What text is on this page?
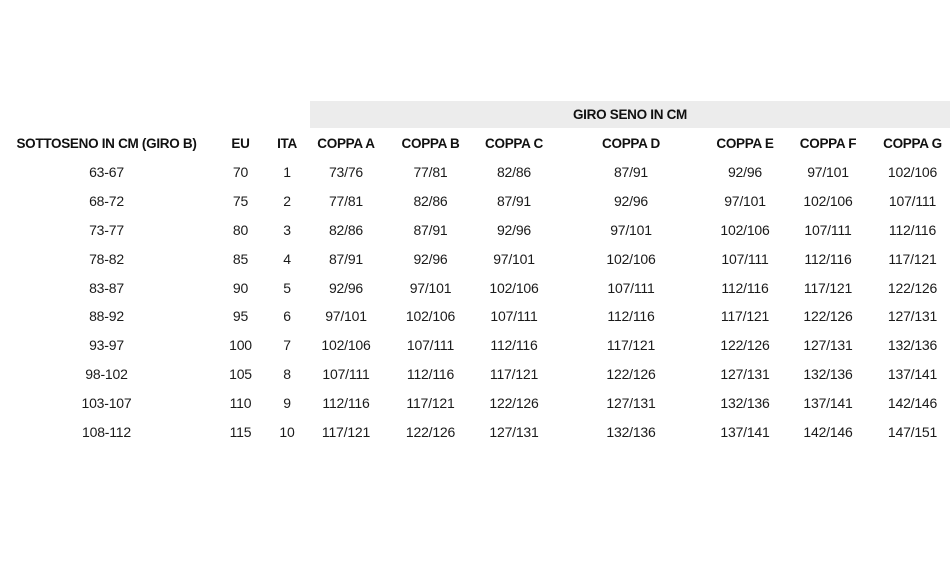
GIRO SENO IN CM
SOTTOSENO IN CM (GIRO B)	EU	ITA	COPPA A	COPPA B	COPPA C	COPPA D	COPPA E	COPPA F	COPPA G
63-67	70	1	73/76	77/81	82/86	87/91	92/96	97/101	102/106
68-72	75	2	77/81	82/86	87/91	92/96	97/101	102/106	107/111
73-77	80	3	82/86	87/91	92/96	97/101	102/106	107/111	112/116
78-82	85	4	87/91	92/96	97/101	102/106	107/111	112/116	117/121
83-87	90	5	92/96	97/101	102/106	107/111	112/116	117/121	122/126
88-92	95	6	97/101	102/106	107/111	112/116	117/121	122/126	127/131
93-97	100	7	102/106	107/111	112/116	117/121	122/126	127/131	132/136
98-102	105	8	107/111	112/116	117/121	122/126	127/131	132/136	137/141
103-107	110	9	112/116	117/121	122/126	127/131	132/136	137/141	142/146
108-112	115	10	117/121	122/126	127/131	132/136	137/141	142/146	147/151
